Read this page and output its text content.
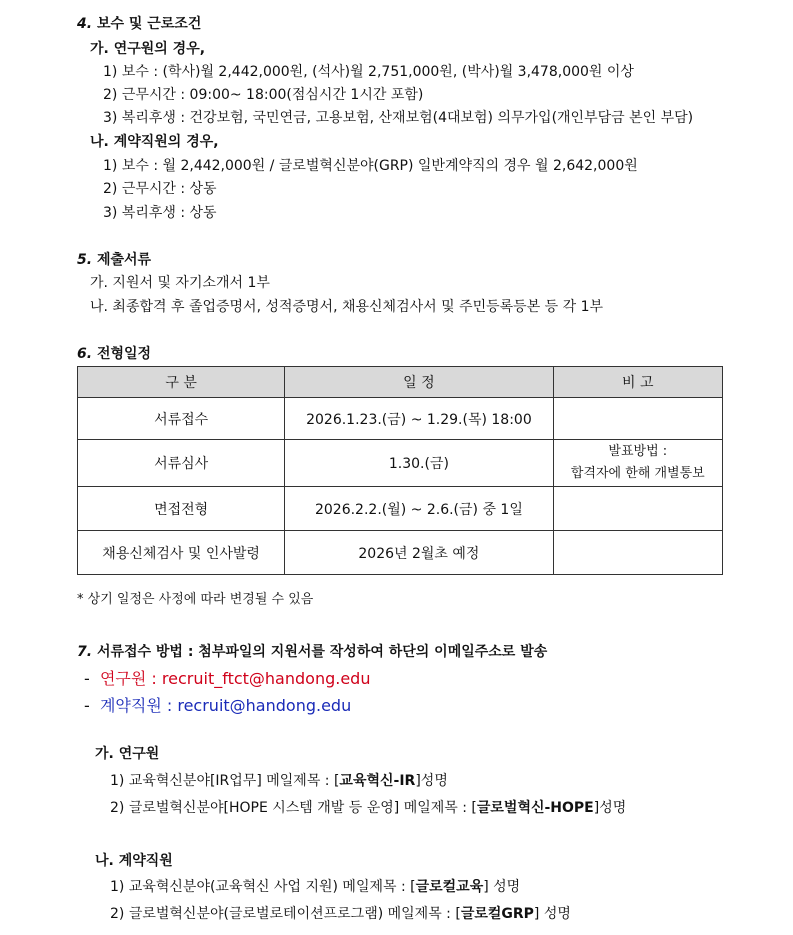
4. 보수 및 근로조건
가. 연구원의 경우,
1) 보수 : (학사)월 2,442,000원, (석사)월 2,751,000원, (박사)월 3,478,000원 이상
2) 근무시간 : 09:00~ 18:00(점심시간 1시간 포함)
3) 복리후생 : 건강보험, 국민연금, 고용보험, 산재보험(4대보험) 의무가입(개인부담금 본인 부담)
나. 계약직원의 경우,
1) 보수 : 월 2,442,000원 / 글로벌혁신분야(GRP) 일반계약직의 경우 월 2,642,000원
2) 근무시간 : 상동
3) 복리후생 : 상동
5. 제출서류
가. 지원서 및 자기소개서 1부
나. 최종합격 후 졸업증명서, 성적증명서, 채용신체검사서 및 주민등록등본 등 각 1부
6. 전형일정
구 분	일 정	비 고
서류접수	2026.1.23.(금) ~ 1.29.(목) 18:00	
서류심사	1.30.(금)	발표방법 :
합격자에 한해 개별통보

면접전형	2026.2.2.(월) ~ 2.6.(금) 중 1일	
채용신체검사 및 인사발령	2026년 2월초 예정	
* 상기 일정은 사정에 따라 변경될 수 있음
7. 서류접수 방법 : 첨부파일의 지원서를 작성하여 하단의 이메일주소로 발송
-  연구원 : recruit_ftct@handong.edu
-  계약직원 : recruit@handong.edu
가. 연구원
1) 교육혁신분야[IR업무] 메일제목 : [교육혁신-IR]성명
2) 글로벌혁신분야[HOPE 시스템 개발 등 운영] 메일제목 : [글로벌혁신-HOPE]성명
나. 계약직원
1) 교육혁신분야(교육혁신 사업 지원) 메일제목 : [글로컬교육] 성명
2) 글로벌혁신분야(글로벌로테이션프로그램) 메일제목 : [글로컬GRP] 성명
